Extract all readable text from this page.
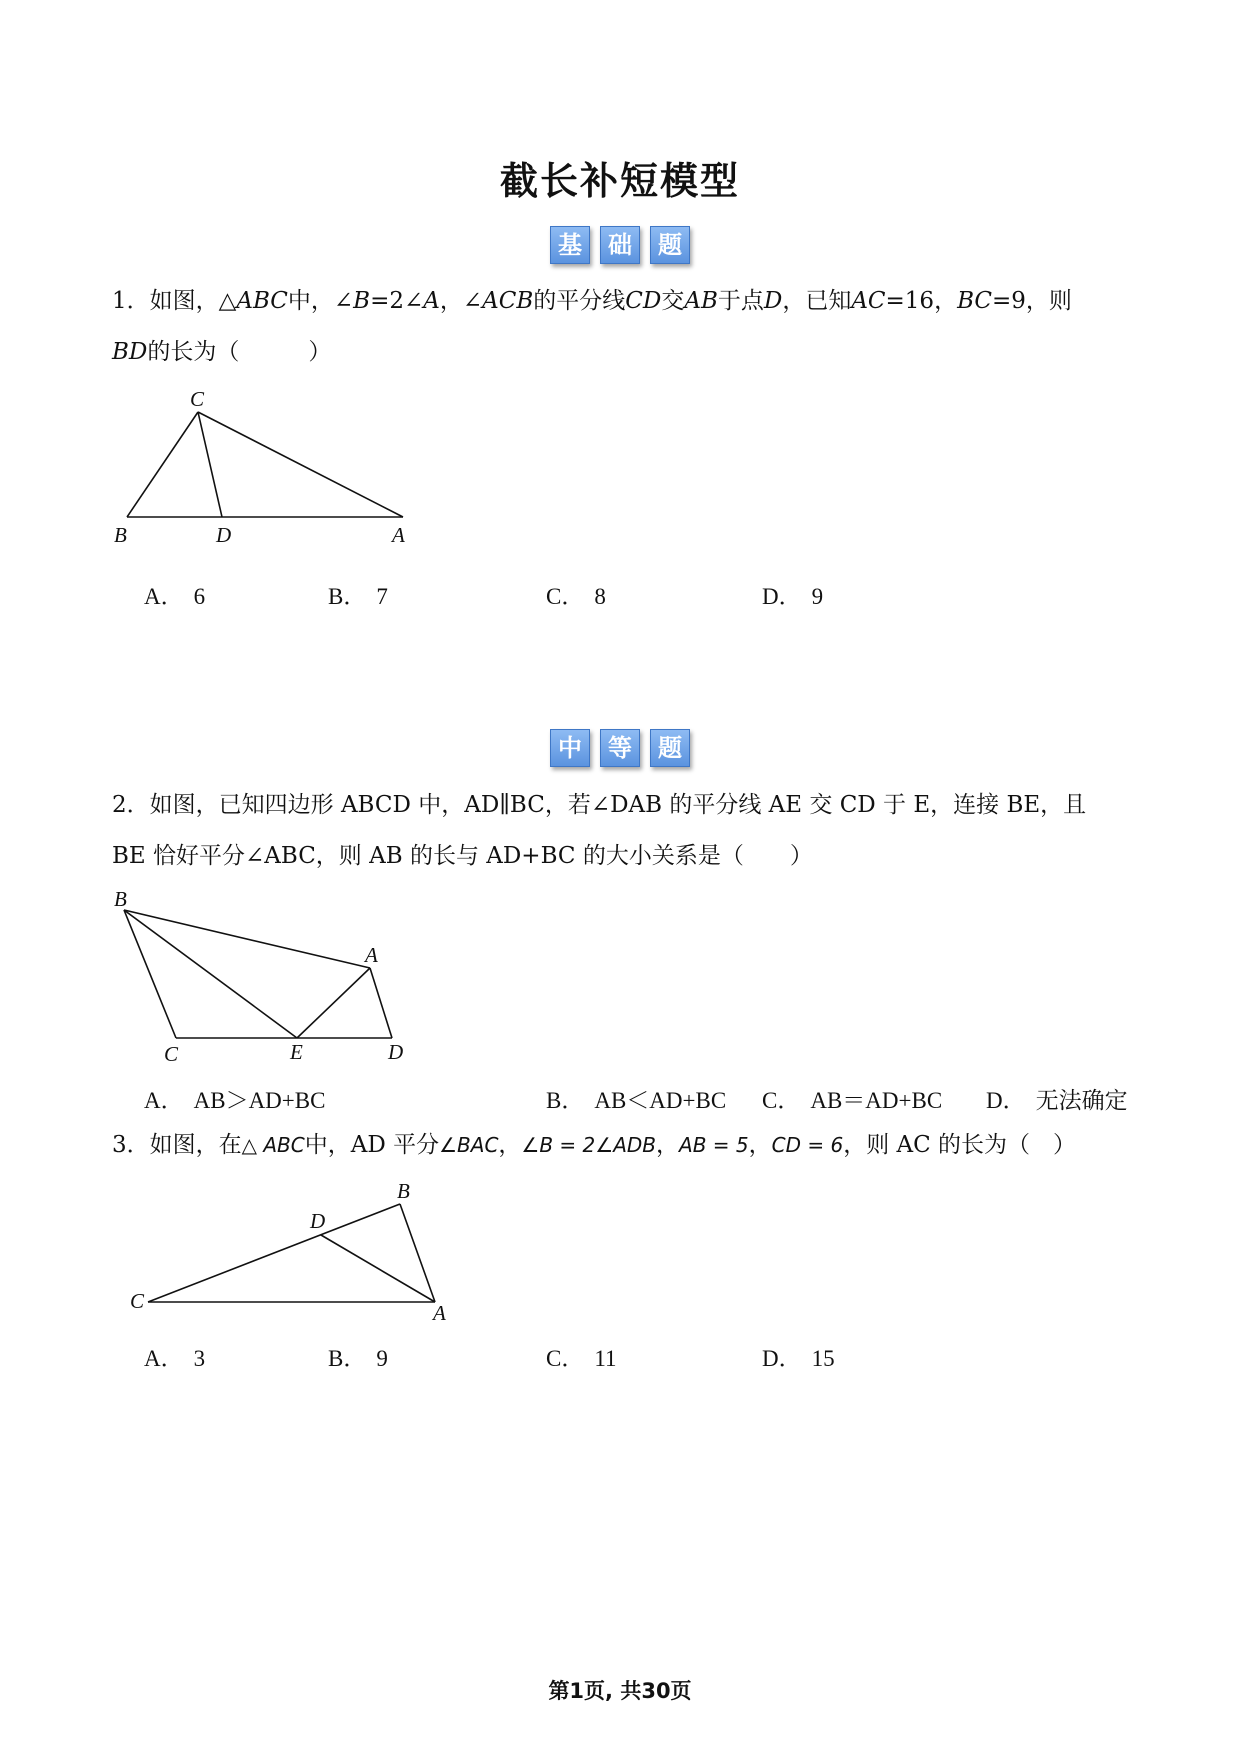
截长补短模型
基 础 题

1．如图，△ABC中，∠B=2∠A，∠ACB的平分线CD交AB于点D，已知AC=16，BC=9，则
BD的长为（　　　）

C
B	D	A
A． 6	B． 7	C． 8	D． 9
中 等 题

2．如图，已知四边形 ABCD 中，AD∥BC，若∠DAB 的平分线 AE 交 CD 于 E，连接 BE，且
BE 恰好平分∠ABC，则 AB 的长与 AD+BC 的大小关系是（　　）

B
A
C	E	D
A． AB＞AD+BC	B． AB＜AD+BC C． AB＝AD+BC D． 无法确定

3．如图，在△ ABC中，AD 平分∠BAC，∠B = 2∠ADB，AB = 5，CD = 6，则 AC 的长为（　）

B
D
C	A
A． 3	B． 9	C． 11	D． 15
第1页, 共30页
